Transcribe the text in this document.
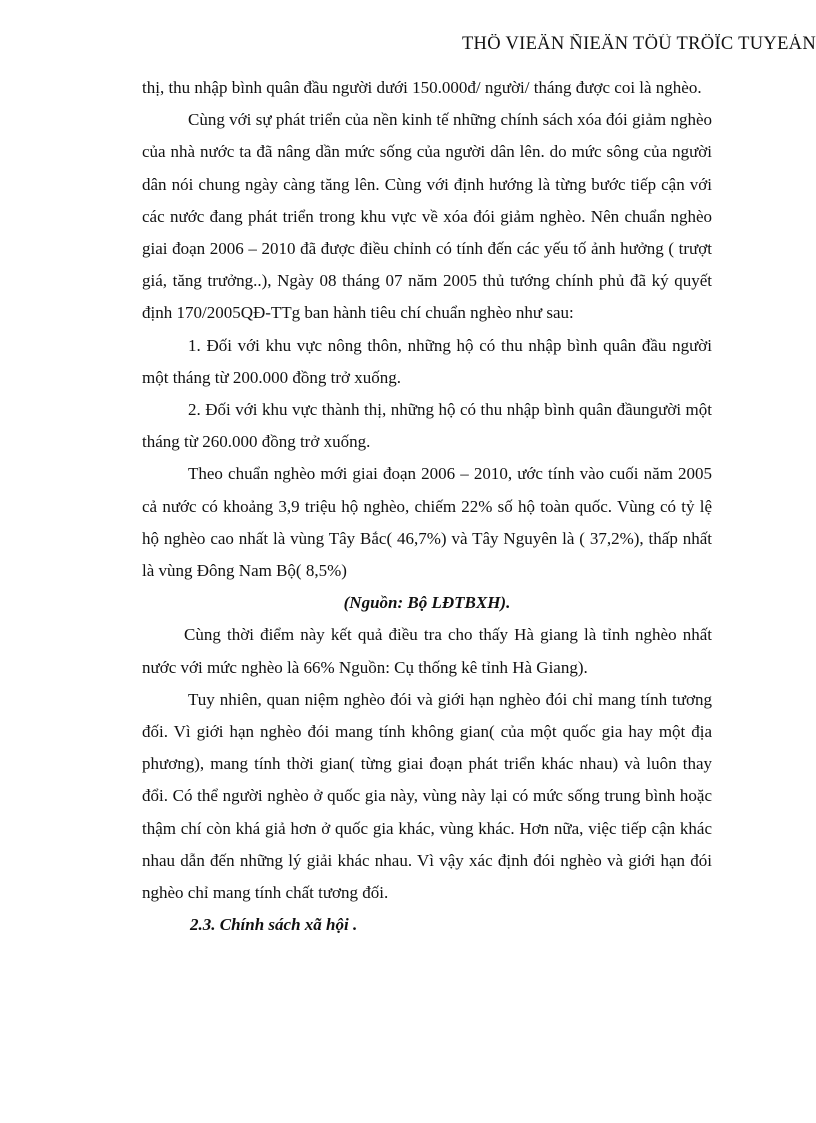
THÖ VIEÄN ÑIEÄN TÖÛ TRÖÏC TUYEÁN

thị, thu nhập bình quân đầu người dưới 150.000đ/ người/ tháng được coi là nghèo.

Cùng với sự phát triển của nền kinh tế những chính sách xóa đói giảm nghèo của nhà nước ta đã nâng dần mức sống của người dân lên. do mức sông của người dân nói chung ngày càng tăng lên. Cùng với định hướng là từng bước tiếp cận với các nước đang phát triển trong khu vực về xóa đói giảm nghèo. Nên chuẩn nghèo giai đoạn 2006 – 2010 đã được điều chỉnh có tính đến các yếu tố ảnh hưởng ( trượt giá, tăng trưởng..), Ngày 08 tháng 07 năm 2005 thủ tướng chính phủ đã ký quyết định 170/2005QĐ-TTg ban hành tiêu chí chuẩn nghèo như sau:

1. Đối với khu vực nông thôn, những hộ có thu nhập bình quân đầu người một tháng từ 200.000 đồng trở xuống.

2. Đối với khu vực thành thị, những hộ có thu nhập bình quân đầungười một tháng từ 260.000 đồng trở xuống.

Theo chuẩn nghèo mới giai đoạn 2006 – 2010, ước tính vào cuối năm 2005 cả nước có khoảng 3,9 triệu hộ nghèo, chiếm 22% số hộ toàn quốc. Vùng có tỷ lệ hộ nghèo cao nhất là vùng Tây Bắc( 46,7%) và Tây Nguyên là ( 37,2%), thấp nhất là vùng Đông Nam Bộ( 8,5%)

(Nguồn: Bộ LĐTBXH).

Cùng thời điểm này kết quả điều tra cho thấy Hà giang là tỉnh nghèo nhất nước với mức nghèo là 66% Nguồn: Cụ thống kê tỉnh Hà Giang).

Tuy nhiên, quan niệm nghèo đói và giới hạn nghèo đói chỉ mang tính tương đối. Vì giới hạn nghèo đói mang tính không gian( của một quốc gia hay một địa phương), mang tính thời gian( từng giai đoạn phát triển khác nhau) và luôn thay đổi. Có thể người nghèo ở quốc gia này, vùng này lại có mức sống trung bình hoặc thậm chí còn khá giả hơn ở quốc gia khác, vùng khác. Hơn nữa, việc tiếp cận khác nhau dẫn đến những lý giải khác nhau. Vì vậy xác định đói nghèo và giới hạn đói nghèo chỉ mang tính chất tương đối.

2.3. Chính sách xã hội .
